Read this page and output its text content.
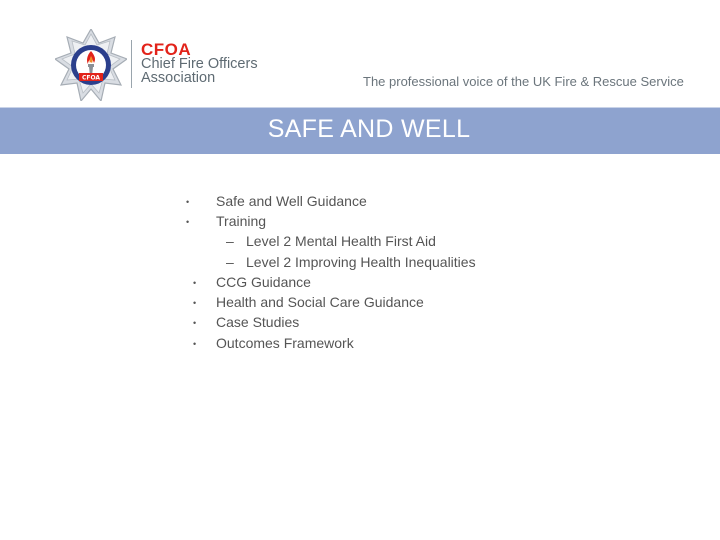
CFOA
CFOA
Chief Fire Officers
Association	The professional voice of the UK Fire & Rescue Service
SAFE AND WELL
• Safe and Well Guidance
• Training
– Level 2 Mental Health First Aid
– Level 2 Improving Health Inequalities
• CCG Guidance
• Health and Social Care Guidance
• Case Studies
• Outcomes Framework
